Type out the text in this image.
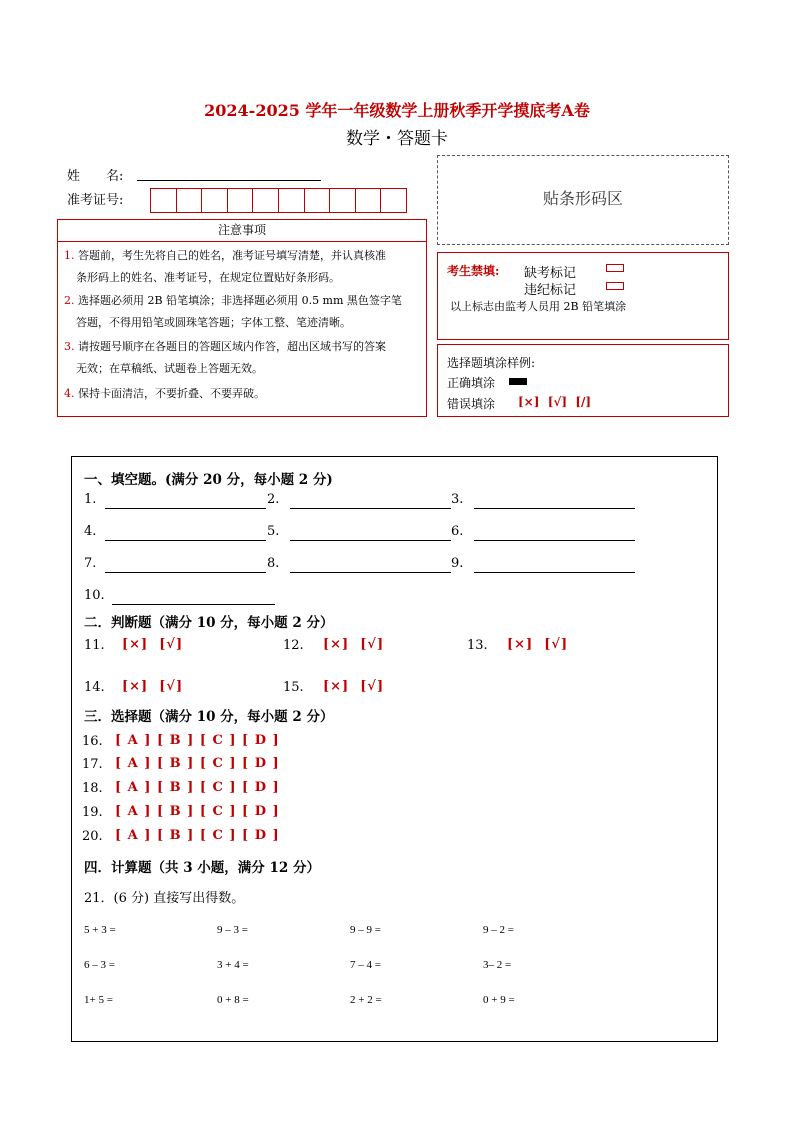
2024-2025 学年一年级数学上册秋季开学摸底考A卷
数学・答题卡
姓　　名:
准考证号:
注意事项
1. 答题前，考生先将自己的姓名，准考证号填写清楚，并认真核准
条形码上的姓名、准考证号，在规定位置贴好条形码。
2. 选择题必须用 2B 铅笔填涂；非选择题必须用 0.5 mm 黑色签字笔
答题，不得用铅笔或圆珠笔答题；字体工整、笔迹清晰。
3. 请按题号顺序在各题目的答题区域内作答，超出区域书写的答案
无效；在草稿纸、试题卷上答题无效。
4. 保持卡面清洁，不要折叠、不要弄破。
贴条形码区
考生禁填: 缺考标记
违纪标记
以上标志由监考人员用 2B 铅笔填涂
选择题填涂样例:
正确填涂
错误填涂 [×]  [√]  [/]
一、填空题。(满分 20 分，每小题 2 分)
1.	2.	3.
4.	5.	6.
7.	8.	9.
10.
二．判断题（满分 10 分，每小题 2 分）
11. [×]  [√]	12. [×]  [√]	13. [×]  [√]
14. [×]  [√]	15. [×]  [√]
三．选择题（满分 10 分，每小题 2 分）
16. [ A ] [ B ] [ C ] [ D ]
17. [ A ] [ B ] [ C ] [ D ]
18. [ A ] [ B ] [ C ] [ D ]
19. [ A ] [ B ] [ C ] [ D ]
20. [ A ] [ B ] [ C ] [ D ]
四．计算题（共 3 小题，满分 12 分）
21．(6 分) 直接写出得数。
5 + 3 =	9 – 3 =	9 – 9 =	9 – 2 =
6 – 3 =	3 + 4 =	7 – 4 =	3– 2 =
1+ 5 =	0 + 8 =	2 + 2 =	0 + 9 =
